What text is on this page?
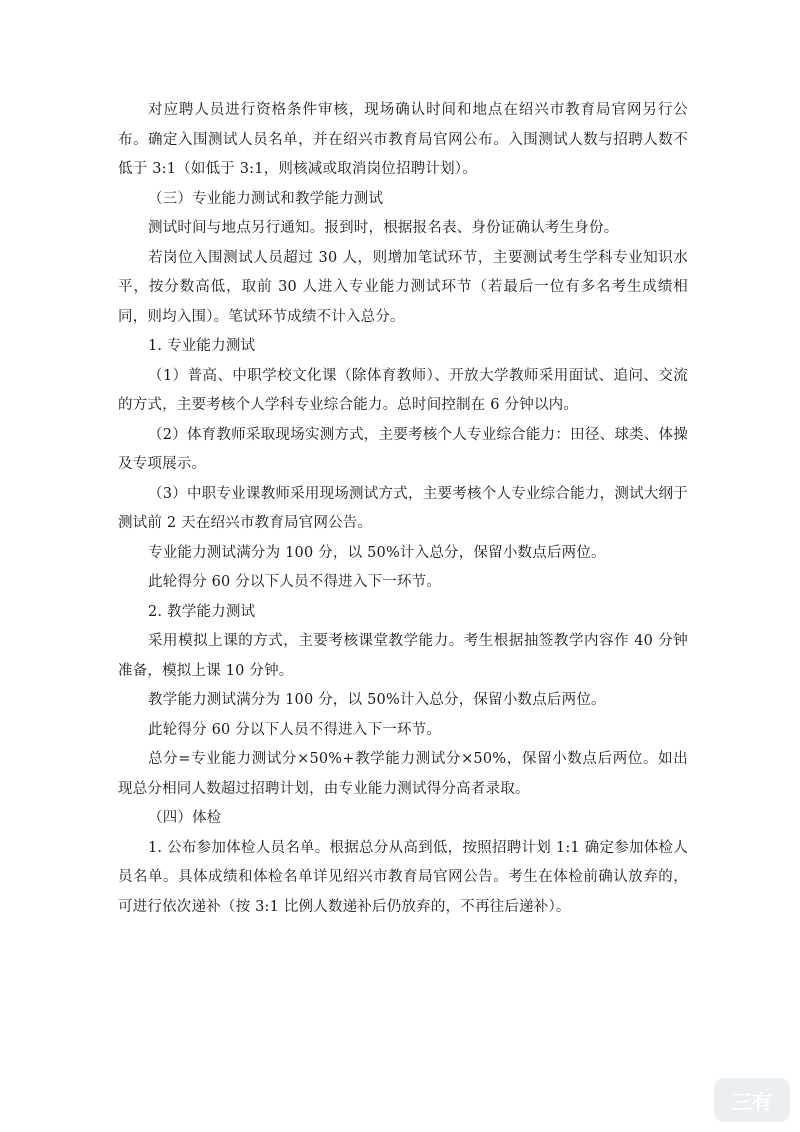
对应聘人员进行资格条件审核，现场确认时间和地点在绍兴市教育局官网另行公布。确定入围测试人员名单，并在绍兴市教育局官网公布。入围测试人数与招聘人数不低于 3:1（如低于 3:1，则核减或取消岗位招聘计划）。

（三）专业能力测试和教学能力测试

测试时间与地点另行通知。报到时，根据报名表、身份证确认考生身份。

若岗位入围测试人员超过 30 人，则增加笔试环节，主要测试考生学科专业知识水平，按分数高低，取前 30 人进入专业能力测试环节（若最后一位有多名考生成绩相同，则均入围）。笔试环节成绩不计入总分。

1. 专业能力测试

（1）普高、中职学校文化课（除体育教师）、开放大学教师采用面试、追问、交流的方式，主要考核个人学科专业综合能力。总时间控制在 6 分钟以内。

（2）体育教师采取现场实测方式，主要考核个人专业综合能力：田径、球类、体操及专项展示。

（3）中职专业课教师采用现场测试方式，主要考核个人专业综合能力，测试大纲于测试前 2 天在绍兴市教育局官网公告。

专业能力测试满分为 100 分，以 50%计入总分，保留小数点后两位。

此轮得分 60 分以下人员不得进入下一环节。

2. 教学能力测试

采用模拟上课的方式，主要考核课堂教学能力。考生根据抽签教学内容作 40 分钟准备，模拟上课 10 分钟。

教学能力测试满分为 100 分，以 50%计入总分，保留小数点后两位。

此轮得分 60 分以下人员不得进入下一环节。

总分=专业能力测试分×50%+教学能力测试分×50%，保留小数点后两位。如出现总分相同人数超过招聘计划，由专业能力测试得分高者录取。

（四）体检

1. 公布参加体检人员名单。根据总分从高到低，按照招聘计划 1:1 确定参加体检人员名单。具体成绩和体检名单详见绍兴市教育局官网公告。考生在体检前确认放弃的，可进行依次递补（按 3:1 比例人数递补后仍放弃的，不再往后递补）。

三有
